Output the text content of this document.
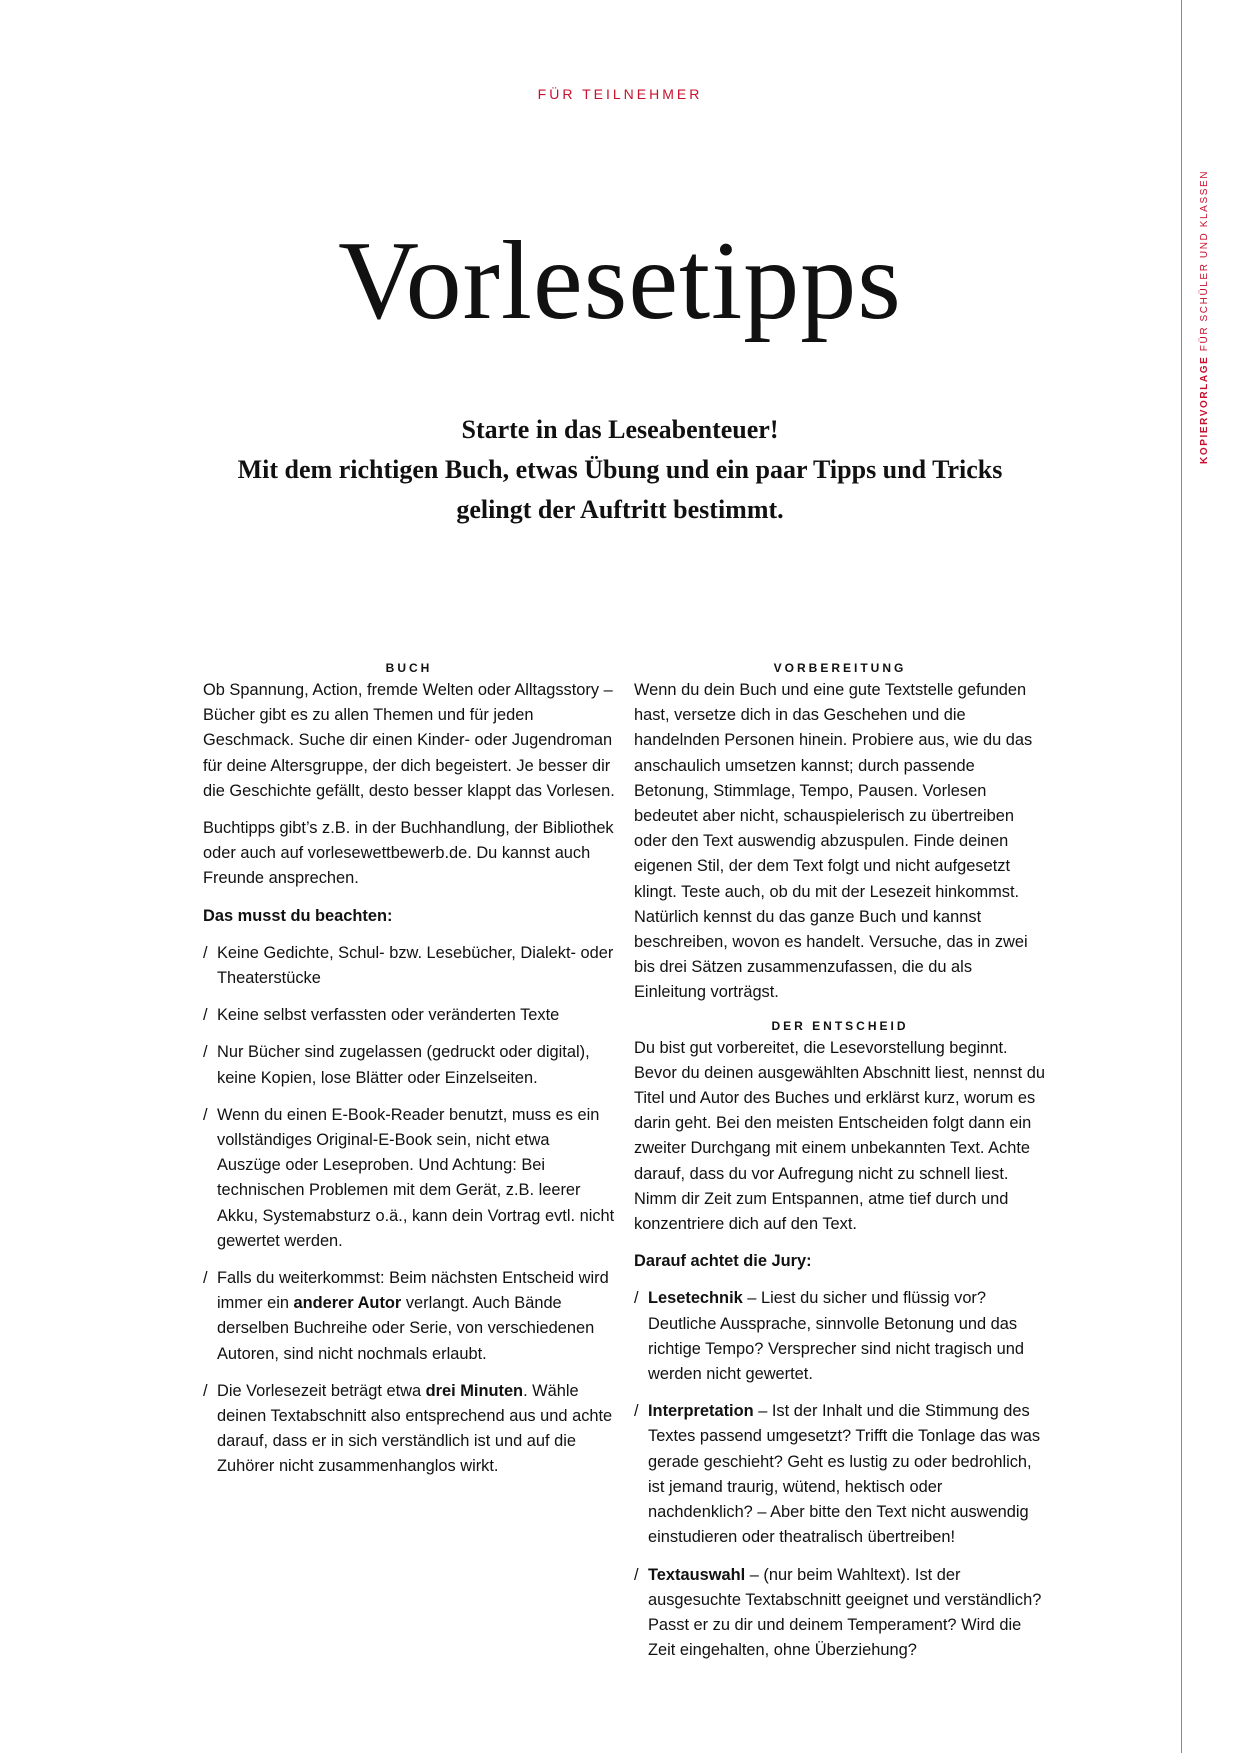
FÜR TEILNEHMER
Vorlesetipps
KOPIERVORLAGE FÜR SCHÜLER UND KLASSEN
Starte in das Leseabenteuer!
Mit dem richtigen Buch, etwas Übung und ein paar Tipps und Tricks
gelingt der Auftritt bestimmt.
BUCH

Ob Spannung, Action, fremde Welten oder Alltagsstory – Bücher gibt es zu allen Themen und für jeden Geschmack. Suche dir einen Kinder- oder Jugendroman für deine Altersgruppe, der dich begeistert. Je besser dir die Geschichte gefällt, desto besser klappt das Vorlesen.

Buchtipps gibt’s z.B. in der Buchhandlung, der Bibliothek oder auch auf vorlesewettbewerb.de. Du kannst auch Freunde ansprechen.

Das musst du beachten:
/ Keine Gedichte, Schul- bzw. Lesebücher, Dialekt- oder Theaterstücke
/ Keine selbst verfassten oder veränderten Texte
/ Nur Bücher sind zugelassen (gedruckt oder digital), keine Kopien, lose Blätter oder Einzelseiten.
/ Wenn du einen E-Book-Reader benutzt, muss es ein vollständiges Original-E-Book sein, nicht etwa Auszüge oder Leseproben. Und Achtung: Bei technischen Problemen mit dem Gerät, z.B. leerer Akku, Systemabsturz o.ä., kann dein Vortrag evtl. nicht gewertet werden.
/ Falls du weiterkommst: Beim nächsten Entscheid wird immer ein anderer Autor verlangt. Auch Bände derselben Buchreihe oder Serie, von verschiedenen Autoren, sind nicht nochmals erlaubt.
/ Die Vorlesezeit beträgt etwa drei Minuten. Wähle deinen Textabschnitt also entsprechend aus und achte darauf, dass er in sich verständlich ist und auf die Zuhörer nicht zusammenhanglos wirkt.
VORBEREITUNG

Wenn du dein Buch und eine gute Textstelle gefunden hast, versetze dich in das Geschehen und die handelnden Personen hinein. Probiere aus, wie du das anschaulich umsetzen kannst; durch passende Betonung, Stimmlage, Tempo, Pausen. Vorlesen bedeutet aber nicht, schauspielerisch zu übertreiben oder den Text auswendig abzuspulen. Finde deinen eigenen Stil, der dem Text folgt und nicht aufgesetzt klingt. Teste auch, ob du mit der Lesezeit hinkommst. Natürlich kennst du das ganze Buch und kannst beschreiben, wovon es handelt. Versuche, das in zwei bis drei Sätzen zusammenzufassen, die du als Einleitung vorträgst.

DER ENTSCHEID

Du bist gut vorbereitet, die Lesevorstellung beginnt. Bevor du deinen ausgewählten Abschnitt liest, nennst du Titel und Autor des Buches und erklärst kurz, worum es darin geht. Bei den meisten Entscheiden folgt dann ein zweiter Durchgang mit einem unbekannten Text. Achte darauf, dass du vor Aufregung nicht zu schnell liest. Nimm dir Zeit zum Entspannen, atme tief durch und konzentriere dich auf den Text.

Darauf achtet die Jury:
/ Lesetechnik – Liest du sicher und flüssig vor? Deutliche Aussprache, sinnvolle Betonung und das richtige Tempo? Versprecher sind nicht tragisch und werden nicht gewertet.
/ Interpretation – Ist der Inhalt und die Stimmung des Textes passend umgesetzt? Trifft die Tonlage das was gerade geschieht? Geht es lustig zu oder bedrohlich, ist jemand traurig, wütend, hektisch oder nachdenklich? – Aber bitte den Text nicht auswendig einstudieren oder theatralisch übertreiben!
/ Textauswahl – (nur beim Wahltext). Ist der ausgesuchte Textabschnitt geeignet und verständlich? Passt er zu dir und deinem Temperament? Wird die Zeit eingehalten, ohne Überziehung?
